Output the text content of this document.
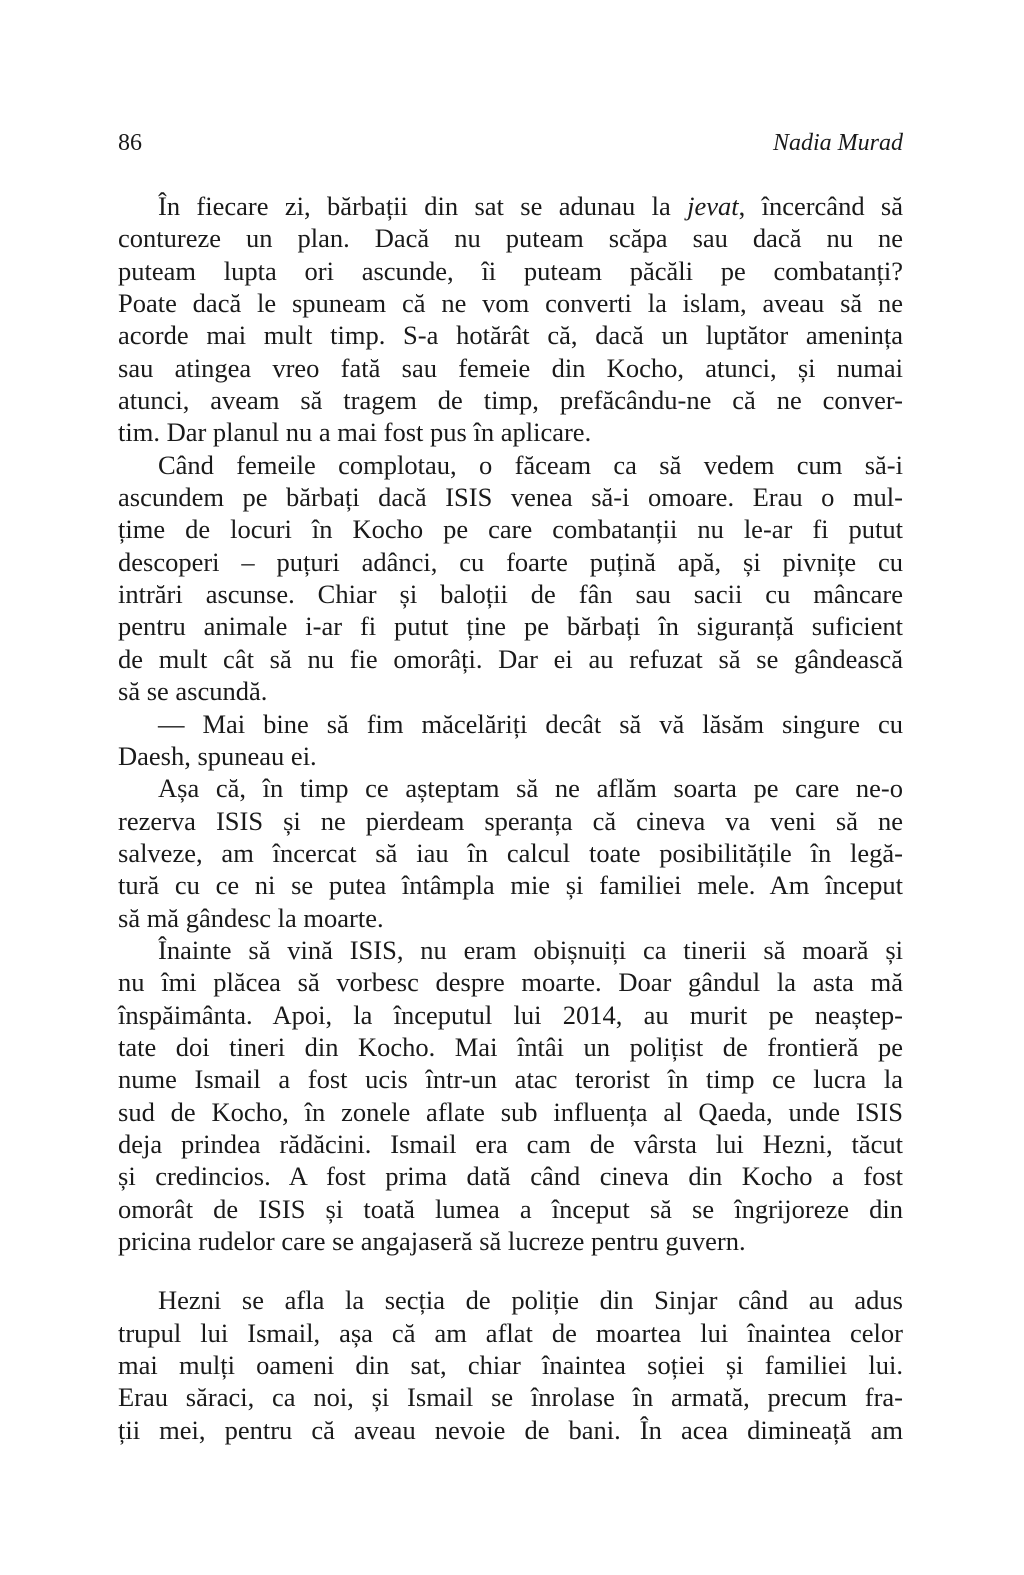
86	Nadia Murad
În fiecare zi, bărbații din sat se adunau la jevat, încercând să
contureze un plan. Dacă nu puteam scăpa sau dacă nu ne
puteam lupta ori ascunde, îi puteam păcăli pe combatanți?
Poate dacă le spuneam că ne vom converti la islam, aveau să ne
acorde mai mult timp. S-a hotărât că, dacă un luptător amenința
sau atingea vreo fată sau femeie din Kocho, atunci, și numai
atunci, aveam să tragem de timp, prefăcându-ne că ne conver-
tim. Dar planul nu a mai fost pus în aplicare.
Când femeile complotau, o făceam ca să vedem cum să-i
ascundem pe bărbați dacă ISIS venea să-i omoare. Erau o mul-
țime de locuri în Kocho pe care combatanții nu le-ar fi putut
descoperi – puțuri adânci, cu foarte puțină apă, și pivnițe cu
intrări ascunse. Chiar și baloții de fân sau sacii cu mâncare
pentru animale i-ar fi putut ține pe bărbați în siguranță suficient
de mult cât să nu fie omorâți. Dar ei au refuzat să se gândească
să se ascundă.
— Mai bine să fim măcelăriți decât să vă lăsăm singure cu
Daesh, spuneau ei.
Așa că, în timp ce așteptam să ne aflăm soarta pe care ne-o
rezerva ISIS și ne pierdeam speranța că cineva va veni să ne
salveze, am încercat să iau în calcul toate posibilitățile în legă-
tură cu ce ni se putea întâmpla mie și familiei mele. Am început
să mă gândesc la moarte.
Înainte să vină ISIS, nu eram obișnuiți ca tinerii să moară și
nu îmi plăcea să vorbesc despre moarte. Doar gândul la asta mă
înspăimânta. Apoi, la începutul lui 2014, au murit pe neaștep-
tate doi tineri din Kocho. Mai întâi un polițist de frontieră pe
nume Ismail a fost ucis într-un atac terorist în timp ce lucra la
sud de Kocho, în zonele aflate sub influența al Qaeda, unde ISIS
deja prindea rădăcini. Ismail era cam de vârsta lui Hezni, tăcut
și credincios. A fost prima dată când cineva din Kocho a fost
omorât de ISIS și toată lumea a început să se îngrijoreze din
pricina rudelor care se angajaseră să lucreze pentru guvern.
Hezni se afla la secția de poliție din Sinjar când au adus
trupul lui Ismail, așa că am aflat de moartea lui înaintea celor
mai mulți oameni din sat, chiar înaintea soției și familiei lui.
Erau săraci, ca noi, și Ismail se înrolase în armată, precum fra-
ții mei, pentru că aveau nevoie de bani. În acea dimineață am
